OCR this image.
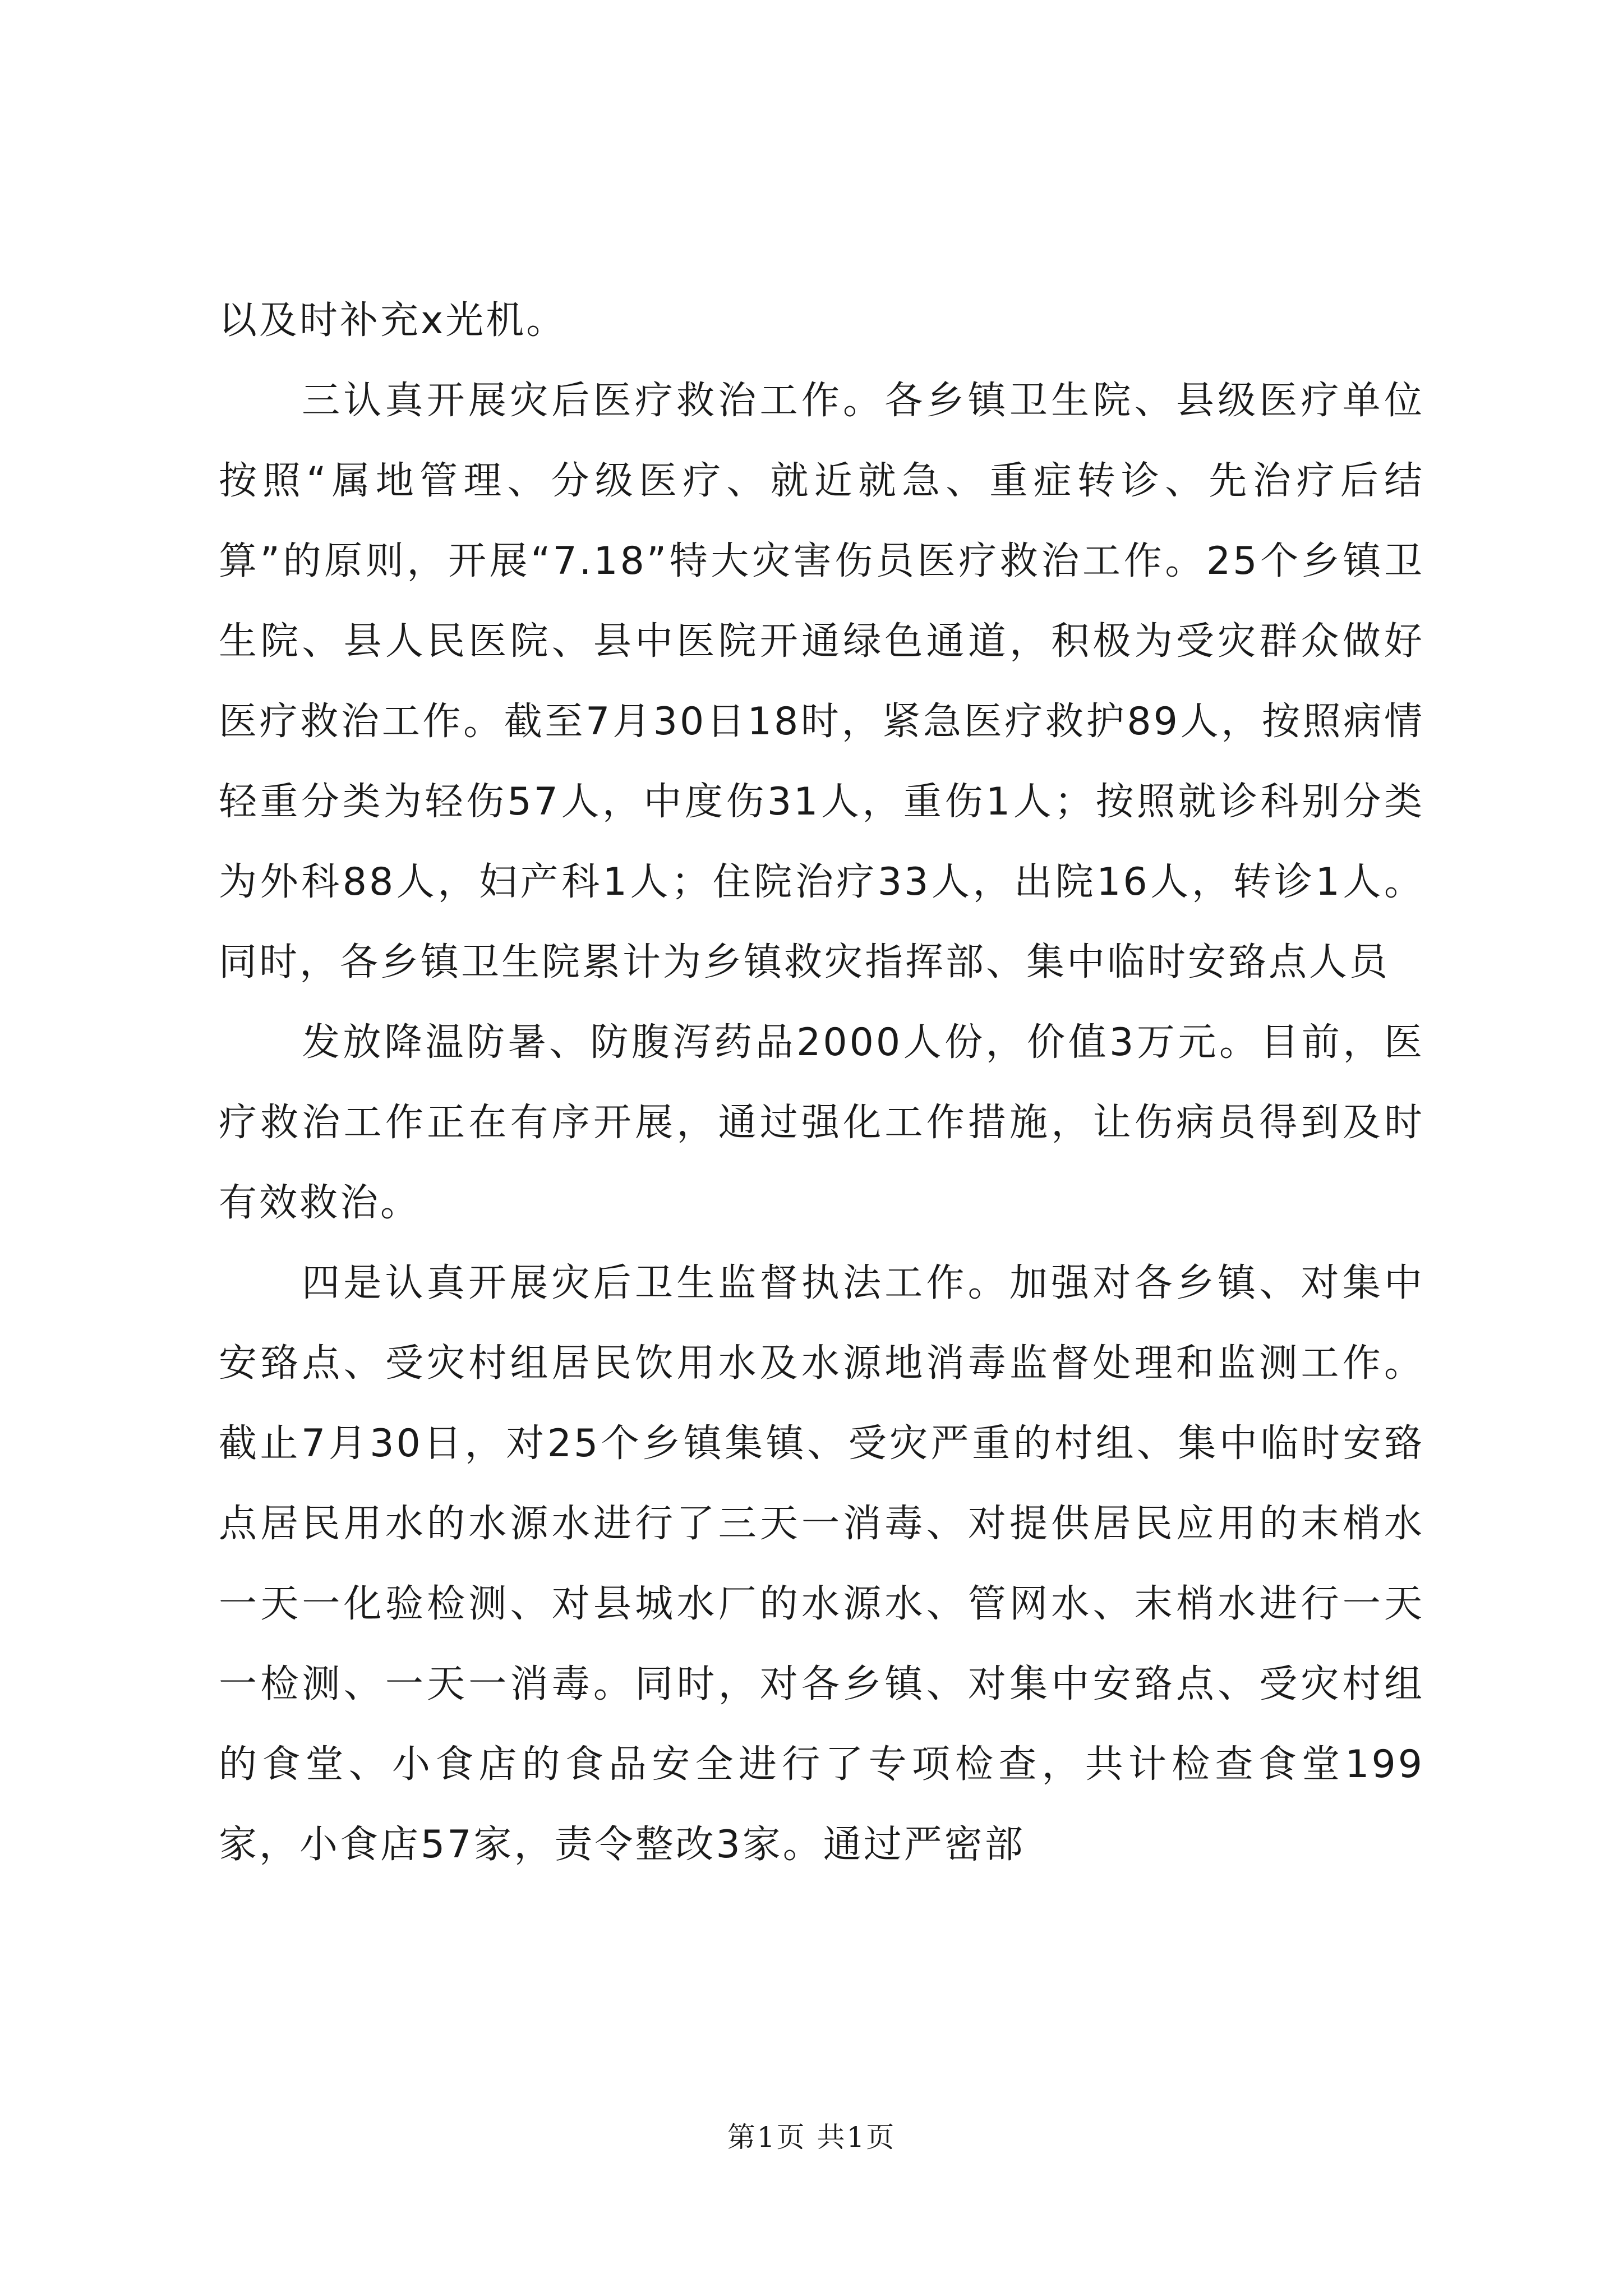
以及时补充x光机。

三认真开展灾后医疗救治工作。各乡镇卫生院、县级医疗单位按照“属地管理、分级医疗、就近就急、重症转诊、先治疗后结算”的原则，开展“7.18”特大灾害伤员医疗救治工作。25个乡镇卫生院、县人民医院、县中医院开通绿色通道，积极为受灾群众做好医疗救治工作。截至7月30日18时，紧急医疗救护89人，按照病情轻重分类为轻伤57人，中度伤31人，重伤1人；按照就诊科别分类为外科88人，妇产科1人；住院治疗33人，出院16人，转诊1人。同时，各乡镇卫生院累计为乡镇救灾指挥部、集中临时安臵点人员

发放降温防暑、防腹泻药品2000人份，价值3万元。目前，医疗救治工作正在有序开展，通过强化工作措施，让伤病员得到及时有效救治。

四是认真开展灾后卫生监督执法工作。加强对各乡镇、对集中安臵点、受灾村组居民饮用水及水源地消毒监督处理和监测工作。截止7月30日，对25个乡镇集镇、受灾严重的村组、集中临时安臵点居民用水的水源水进行了三天一消毒、对提供居民应用的末梢水一天一化验检测、对县城水厂的水源水、管网水、末梢水进行一天一检测、一天一消毒。同时，对各乡镇、对集中安臵点、受灾村组的食堂、小食店的食品安全进行了专项检查，共计检查食堂199家，小食店57家，责令整改3家。通过严密部

第1页 共1页
